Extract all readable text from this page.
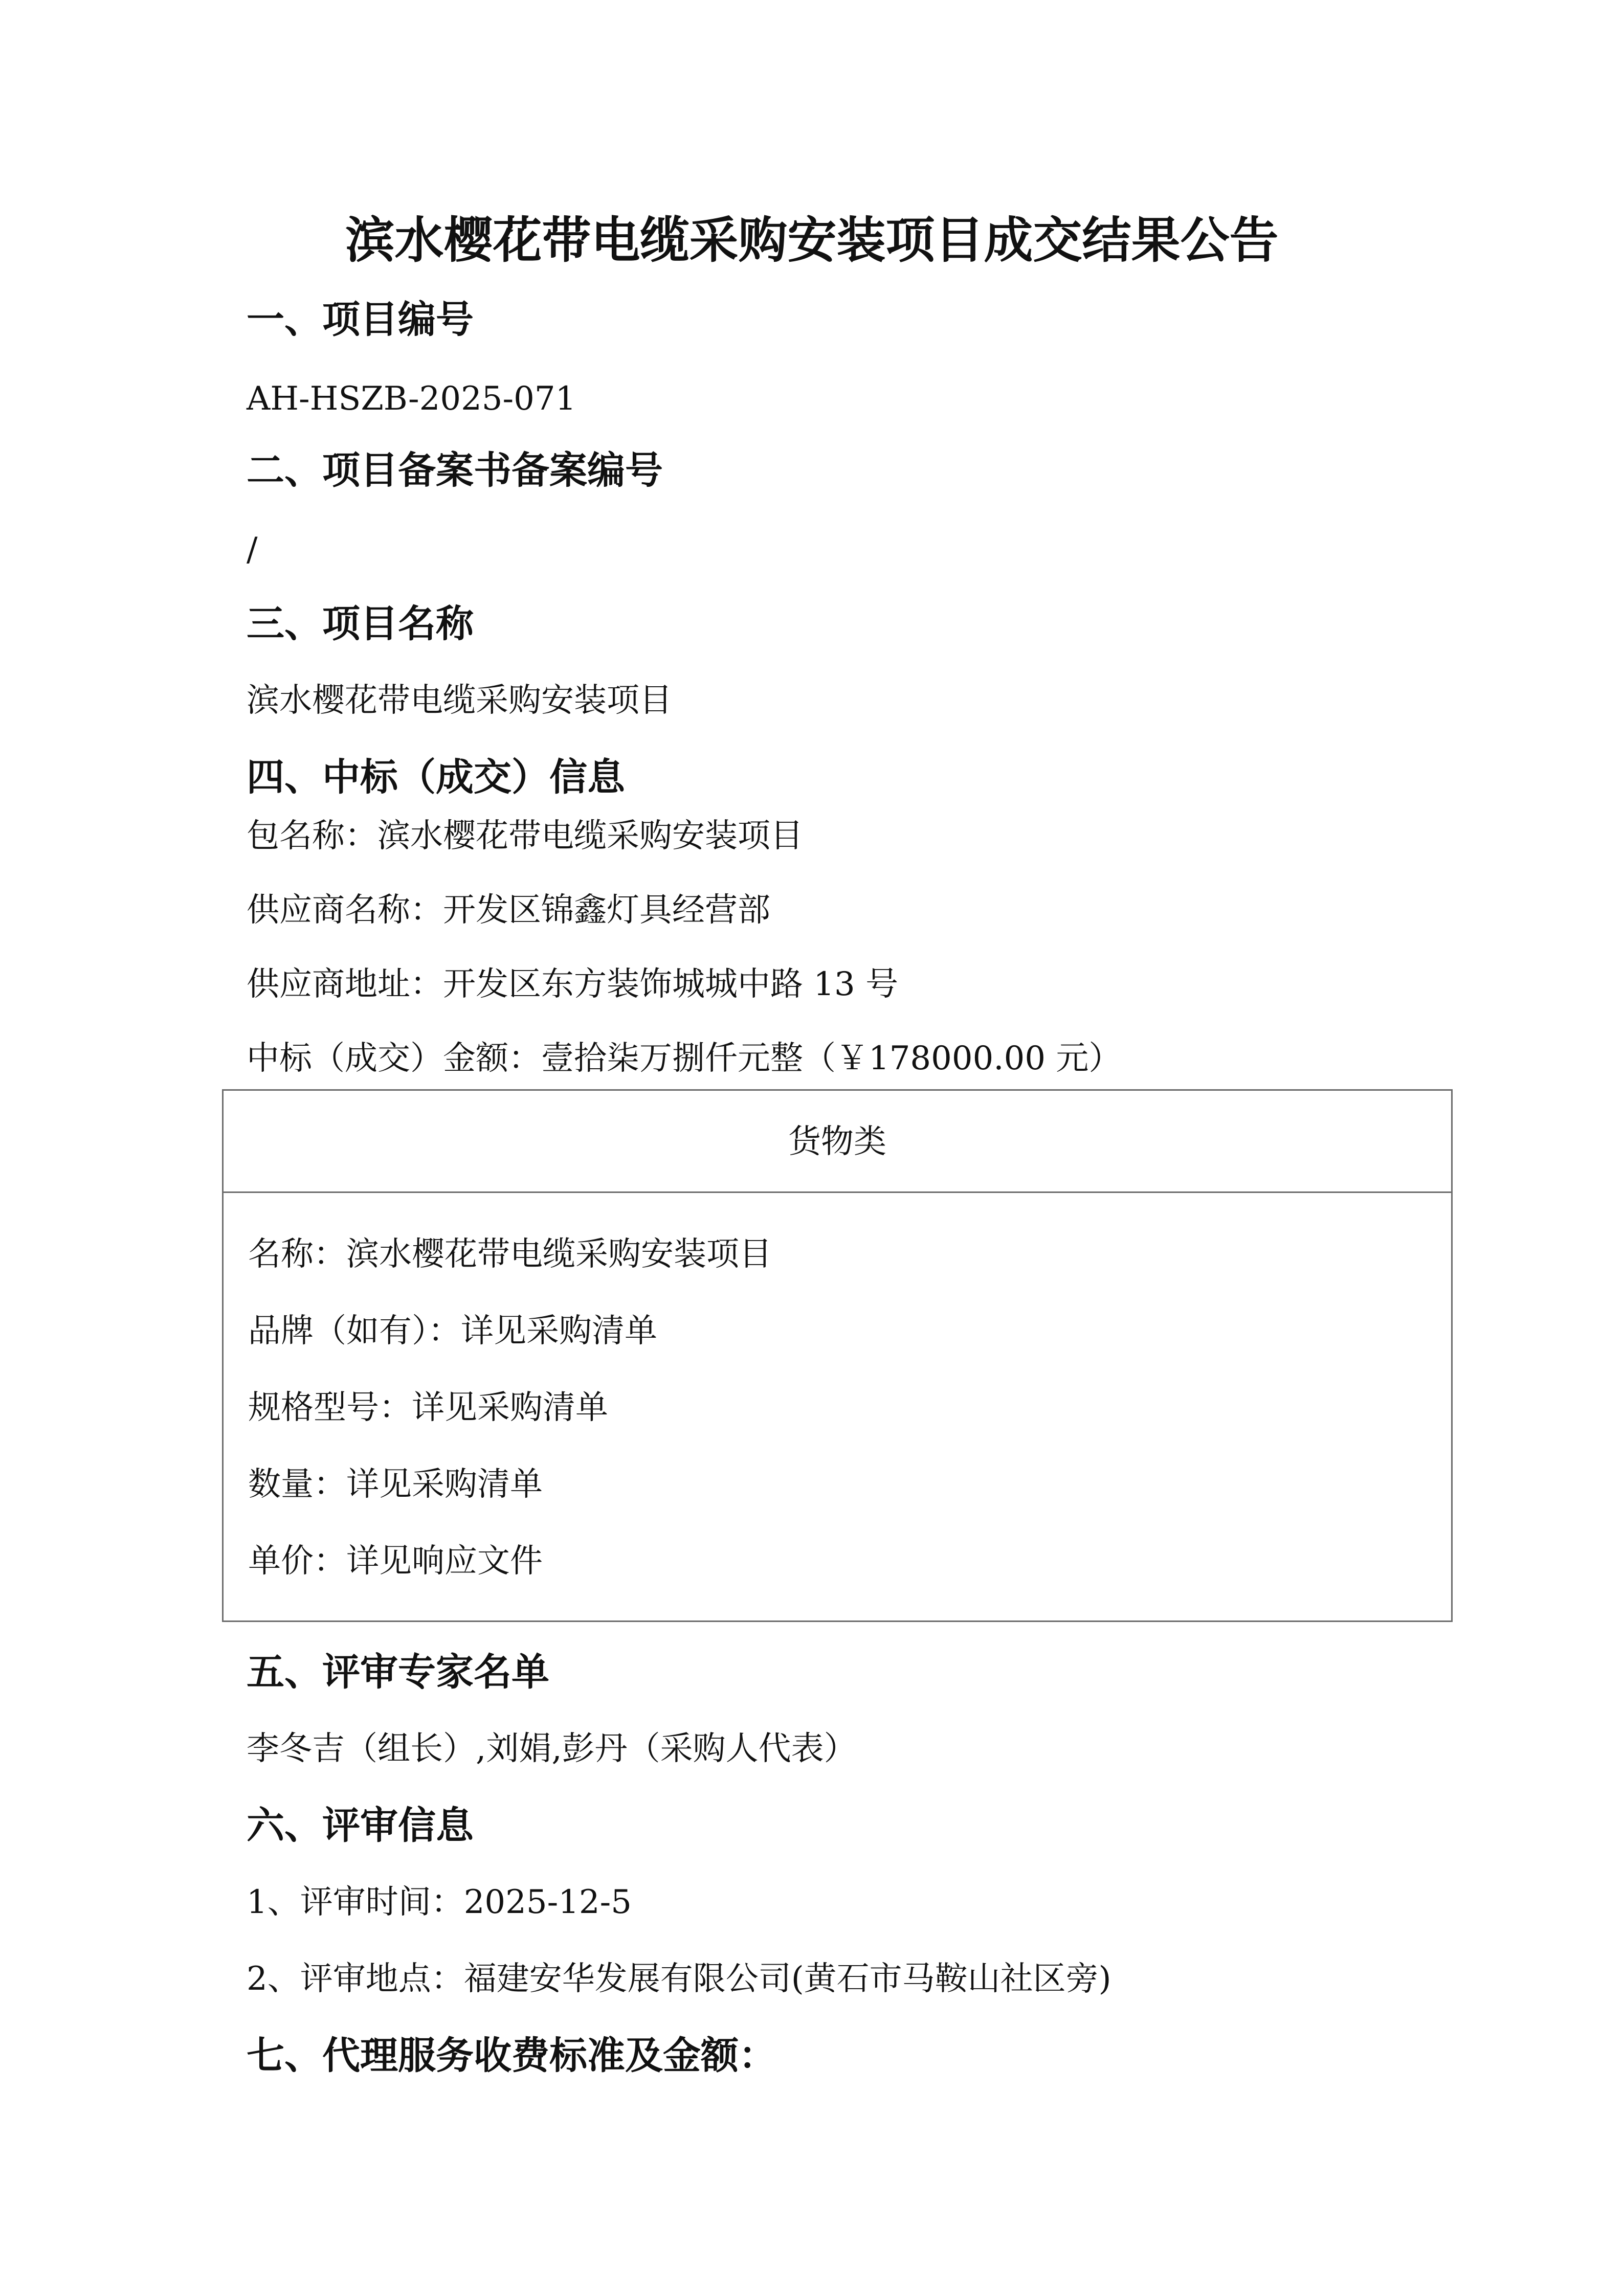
滨水樱花带电缆采购安装项目成交结果公告
一、项目编号
AH-HSZB-2025-071
二、项目备案书备案编号
/
三、项目名称
滨水樱花带电缆采购安装项目
四、中标（成交）信息
包名称：滨水樱花带电缆采购安装项目
供应商名称：开发区锦鑫灯具经营部
供应商地址：开发区东方装饰城城中路 13 号
中标（成交）金额：壹拾柒万捌仟元整（￥178000.00 元）
货物类
名称：滨水樱花带电缆采购安装项目
品牌（如有）：详见采购清单
规格型号：详见采购清单
数量：详见采购清单
单价：详见响应文件
五、评审专家名单
李冬吉（组长）,刘娟,彭丹（采购人代表）
六、评审信息
1、评审时间：2025-12-5
2、评审地点：福建安华发展有限公司(黄石市马鞍山社区旁)
七、代理服务收费标准及金额：
